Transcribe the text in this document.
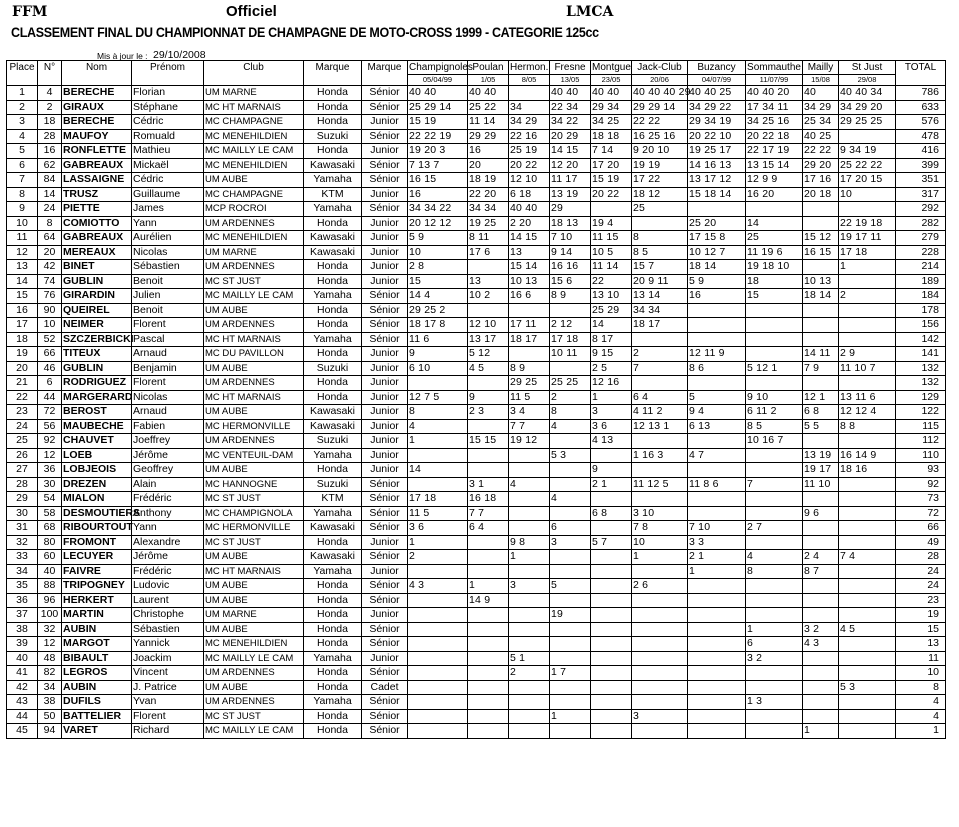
FFM	Officiel	LMCA
CLASSEMENT FINAL DU CHAMPIONNAT DE CHAMPAGNE DE MOTO-CROSS 1999 - CATEGORIE 125cc
Mis à jour le : 29/10/2008
Place	N°	Nom	Prénom	Club	Marque	Marque	Champignoles	Poulan	Hermon.	Fresne	Montgue	Jack-Club	Buzancy	Sommauthe	Mailly	St Just	TOTAL
							05/04/99	1/05	8/05	13/05	23/05	20/06	04/07/99	11/07/99	15/08	29/08	
1	4	BERECHE	Florian	UM MARNE	Honda	Sénior	40 40	40 40		40 40	40 40	40 40 40 29	40 40 25	40 40 20	40	40 40 34	786
2	2	GIRAUX	Stéphane	MC HT MARNAIS	Honda	Sénior	25 29 14	25 22	34	22 34	29 34	29 29 14	34 29 22	17 34 11	34 29	34 29 20	633
3	18	BERECHE	Cédric	MC CHAMPAGNE	Honda	Junior	15 19	11 14	34 29	34 22	34 25	22 22	29 34 19	34 25 16	25 34	29 25 25	576
4	28	MAUFOY	Romuald	MC MENEHILDIEN	Suzuki	Sénior	22 22 19	29 29	22 16	20 29	18 18	16 25 16	20 22 10	20 22 18	40 25		478
5	16	RONFLETTE	Mathieu	MC MAILLY LE CAM	Honda	Junior	19 20 3	16	25 19	14 15	7 14	9 20 10	19 25 17	22 17 19	22 22	9 34 19	416
6	62	GABREAUX	Mickaël	MC MENEHILDIEN	Kawasaki	Sénior	7 13 7	20	20 22	12 20	17 20	19 19	14 16 13	13 15 14	29 20	25 22 22	399
7	84	LASSAIGNE	Cédric	UM AUBE	Yamaha	Sénior	16 15	18 19	12 10	11 17	15 19	17 22	13 17 12	12 9 9	17 16	17 20 15	351
8	14	TRUSZ	Guillaume	MC CHAMPAGNE	KTM	Junior	16	22 20	6 18	13 19	20 22	18 12	15 18 14	16 20	20 18	10	317
9	24	PIETTE	James	MCP ROCROI	Yamaha	Sénior	34 34 22	34 34	40 40	29		25					292
10	8	COMIOTTO	Yann	UM ARDENNES	Honda	Junior	20 12 12	19 25	2 20	18 13	19 4		25 20	14		22 19 18	282
11	64	GABREAUX	Aurélien	MC MENEHILDIEN	Kawasaki	Junior	5 9	8 11	14 15	7 10	11 15	8	17 15 8	25	15 12	19 17 11	279
12	20	MEREAUX	Nicolas	UM MARNE	Kawasaki	Junior	10	17 6	13	9 14	10 5	8 5	10 12 7	11 19 6	16 15	17 18	228
13	42	BINET	Sébastien	UM ARDENNES	Honda	Junior	2 8		15 14	16 16	11 14	15 7	18 14	19 18 10		1	214
14	74	GUBLIN	Benoit	MC ST JUST	Honda	Junior	15	13	10 13	15 6	22	20 9 11	5 9	18	10 13		189
15	76	GIRARDIN	Julien	MC MAILLY LE CAM	Yamaha	Sénior	14 4	10 2	16 6	8 9	13 10	13 14	16	15	18 14	2	184
16	90	QUEIREL	Benoit	UM AUBE	Honda	Sénior	29 25 2				25 29	34 34					178
17	10	NEIMER	Florent	UM ARDENNES	Honda	Sénior	18 17 8	12 10	17 11	2 12	14	18 17					156
18	52	SZCZERBICKI	Pascal	MC HT MARNAIS	Yamaha	Sénior	11 6	13 17	18 17	17 18	8 17						142
19	66	TITEUX	Arnaud	MC DU PAVILLON	Honda	Junior	9	5 12		10 11	9 15	2	12 11 9		14 11	2 9	141
20	46	GUBLIN	Benjamin	UM AUBE	Suzuki	Junior	6 10	4 5	8 9		2 5	7	8 6	5 12 1	7 9	11 10 7	132
21	6	RODRIGUEZ	Florent	UM ARDENNES	Honda	Junior			29 25	25 25	12 16						132
22	44	MARGERARD	Nicolas	MC HT MARNAIS	Honda	Junior	12 7 5	9	11 5	2	1	6 4	5	9 10	12 1	13 11 6	129
23	72	BEROST	Arnaud	UM AUBE	Kawasaki	Junior	8	2 3	3 4	8	3	4 11 2	9 4	6 11 2	6 8	12 12 4	122
24	56	MAUBECHE	Fabien	MC HERMONVILLE	Kawasaki	Junior	4		7 7	4	3 6	12 13 1	6 13	8 5	5 5	8 8	115
25	92	CHAUVET	Joeffrey	UM ARDENNES	Suzuki	Junior	1	15 15	19 12		4 13			10 16 7			112
26	12	LOEB	Jérôme	MC VENTEUIL-DAM	Yamaha	Junior				5 3		1 16 3	4 7		13 19	16 14 9	110
27	36	LOBJEOIS	Geoffrey	UM AUBE	Honda	Junior	14				9				19 17	18 16	93
28	30	DREZEN	Alain	MC HANNOGNE	Suzuki	Sénior		3 1	4		2 1	11 12 5	11 8 6	7	11 10		92
29	54	MIALON	Frédéric	MC ST JUST	KTM	Sénior	17 18	16 18		4							73
30	58	DESMOUTIERS	Anthony	MC CHAMPIGNOLA	Yamaha	Sénior	11 5	7 7			6 8	3 10			9 6		72
31	68	RIBOURTOUT	Yann	MC HERMONVILLE	Kawasaki	Sénior	3 6	6 4		6		7 8	7 10	2 7			66
32	80	FROMONT	Alexandre	MC ST JUST	Honda	Junior	1		9 8	3	5 7	10	3 3				49
33	60	LECUYER	Jérôme	UM AUBE	Kawasaki	Sénior	2		1			1	2 1	4	2 4	7 4	28
34	40	FAIVRE	Frédéric	MC HT MARNAIS	Yamaha	Junior							1	8	8 7		24
35	88	TRIPOGNEY	Ludovic	UM AUBE	Honda	Sénior	4 3	1	3	5		2 6					24
36	96	HERKERT	Laurent	UM AUBE	Honda	Sénior		14 9									23
37	100	MARTIN	Christophe	UM MARNE	Honda	Junior				19							19
38	32	AUBIN	Sébastien	UM AUBE	Honda	Sénior								1	3 2	4 5	15
39	12	MARGOT	Yannick	MC MENEHILDIEN	Honda	Sénior								6	4 3		13
40	48	BIBAULT	Joackim	MC MAILLY LE CAM	Yamaha	Junior			5 1					3 2			11
41	82	LEGROS	Vincent	UM ARDENNES	Honda	Sénior			2	1 7							10
42	34	AUBIN	J. Patrice	UM AUBE	Honda	Cadet										5 3	8
43	38	DUFILS	Yvan	UM ARDENNES	Yamaha	Sénior								1 3			4
44	50	BATTELIER	Florent	MC ST JUST	Honda	Sénior				1		3					4
45	94	VARET	Richard	MC MAILLY LE CAM	Honda	Sénior									1		1
